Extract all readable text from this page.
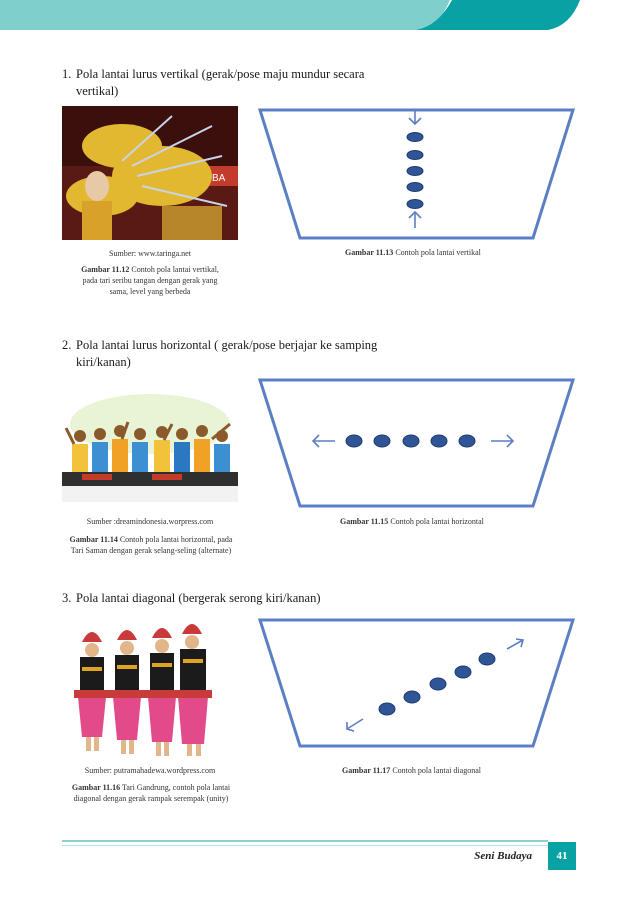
1. Pola lantai lurus vertikal (gerak/pose maju mundur secara
vertikal)
BA
Sumber: www.taringa.net
Gambar 11.12 Contoh pola lantai vertikal,
pada tari seribu tangan dengan gerak yang
sama, level yang berbeda
Gambar 11.13 Contoh pola lantai vertikal
2. Pola lantai lurus horizontal ( gerak/pose berjajar ke samping
kiri/kanan)
Sumber :dreamindonesia.worpress.com
Gambar 11.14 Contoh pola lantai horizontal, pada
Tari Saman dengan gerak selang-seling (alternate)
Gambar 11.15 Contoh pola lantai horizontal
3. Pola lantai diagonal (bergerak serong kiri/kanan)
Sumber: putramahadewa.wordpress.com
Gambar 11.16 Tari Gandrung, contoh pola lantai
diagonal dengan gerak rampak serempak (unity)
Gambar 11.17 Contoh pola lantai diagonal
Seni Budaya	41
